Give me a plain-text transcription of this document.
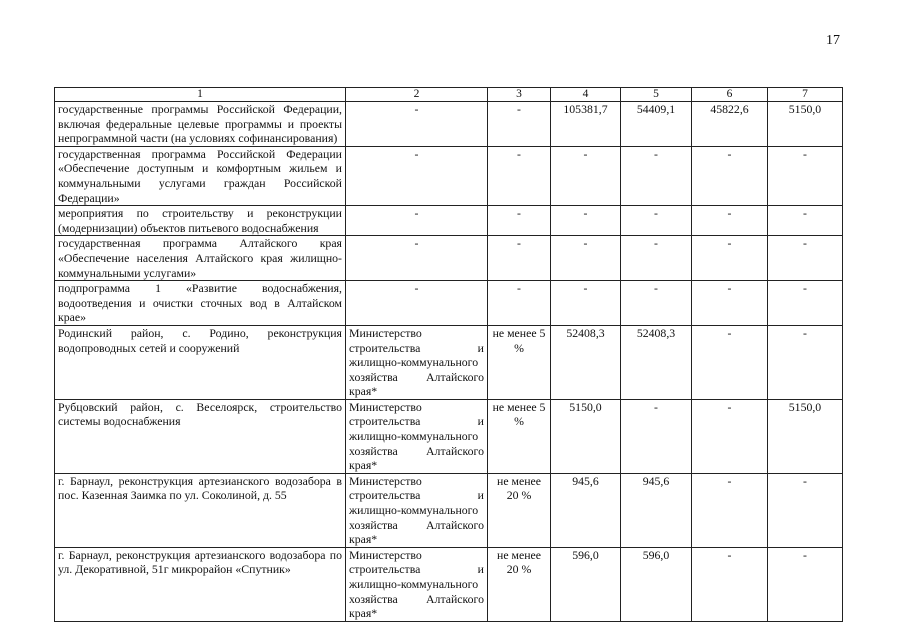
17
1	2	3	4	5	6	7
государственные программы Российской Федерации, включая федеральные целевые программы и проекты непрограммной части (на условиях софинансирования)	-	-	105381,7	54409,1	45822,6	5150,0
государственная программа Российской Федерации «Обеспечение доступным и комфортным жильем и коммунальными услугами граждан Российской Федерации»	-	-	-	-	-	-
мероприятия по строительству и реконструкции (модернизации) объектов питьевого водоснабжения	-	-	-	-	-	-
государственная программа Алтайского края «Обеспечение населения Алтайского края жилищно-коммунальными услугами»	-	-	-	-	-	-
подпрограмма 1 «Развитие водоснабжения, водоотведения и очистки сточных вод в Алтайском крае»	-	-	-	-	-	-
Родинский район, с. Родино, реконструкция водопроводных сетей и сооружений	Министерство строительства и жилищно-коммунального хозяйства Алтайского края*	не менее 5 %	52408,3	52408,3	-	-
Рубцовский район, с. Веселоярск, строительство системы водоснабжения	Министерство строительства и жилищно-коммунального хозяйства Алтайского края*	не менее 5 %	5150,0	-	-	5150,0
г. Барнаул, реконструкция артезианского водозабора в пос. Казенная Заимка по ул. Соколиной, д. 55	Министерство строительства и жилищно-коммунального хозяйства Алтайского края*	не менее 20 %	945,6	945,6	-	-
г. Барнаул, реконструкция артезианского водозабора по ул. Декоративной, 51г микрорайон «Спутник»	Министерство строительства и жилищно-коммунального хозяйства Алтайского края*	не менее 20 %	596,0	596,0	-	-
